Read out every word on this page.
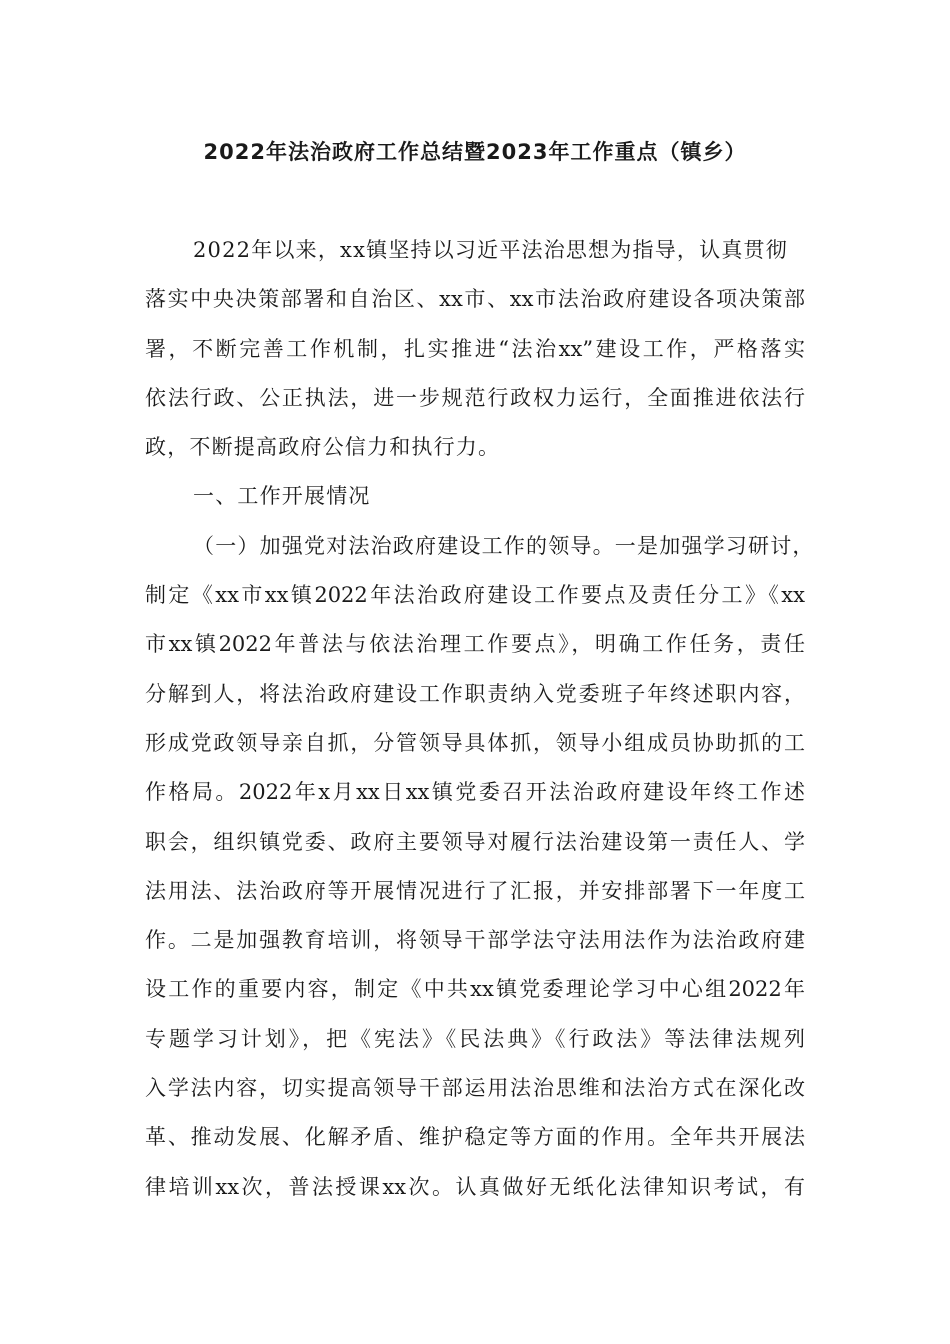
2022年法治政府工作总结暨2023年工作重点（镇乡）
2022年以来，xx镇坚持以习近平法治思想为指导，认真贯彻
落实中央决策部署和自治区、xx市、xx市法治政府建设各项决策部
署，不断完善工作机制，扎实推进“法治xx”建设工作，严格落实
依法行政、公正执法，进一步规范行政权力运行，全面推进依法行
政，不断提高政府公信力和执行力。
一、工作开展情况
（一）加强党对法治政府建设工作的领导。一是加强学习研讨，
制定《xx市xx镇2022年法治政府建设工作要点及责任分工》《xx
市xx镇2022年普法与依法治理工作要点》，明确工作任务，责任
分解到人，将法治政府建设工作职责纳入党委班子年终述职内容，
形成党政领导亲自抓，分管领导具体抓，领导小组成员协助抓的工
作格局。2022年x月xx日xx镇党委召开法治政府建设年终工作述
职会，组织镇党委、政府主要领导对履行法治建设第一责任人、学
法用法、法治政府等开展情况进行了汇报，并安排部署下一年度工
作。二是加强教育培训，将领导干部学法守法用法作为法治政府建
设工作的重要内容，制定《中共xx镇党委理论学习中心组2022年
专题学习计划》，把《宪法》《民法典》《行政法》等法律法规列
入学法内容，切实提高领导干部运用法治思维和法治方式在深化改
革、推动发展、化解矛盾、维护稳定等方面的作用。全年共开展法
律培训xx次，普法授课xx次。认真做好无纸化法律知识考试，有
